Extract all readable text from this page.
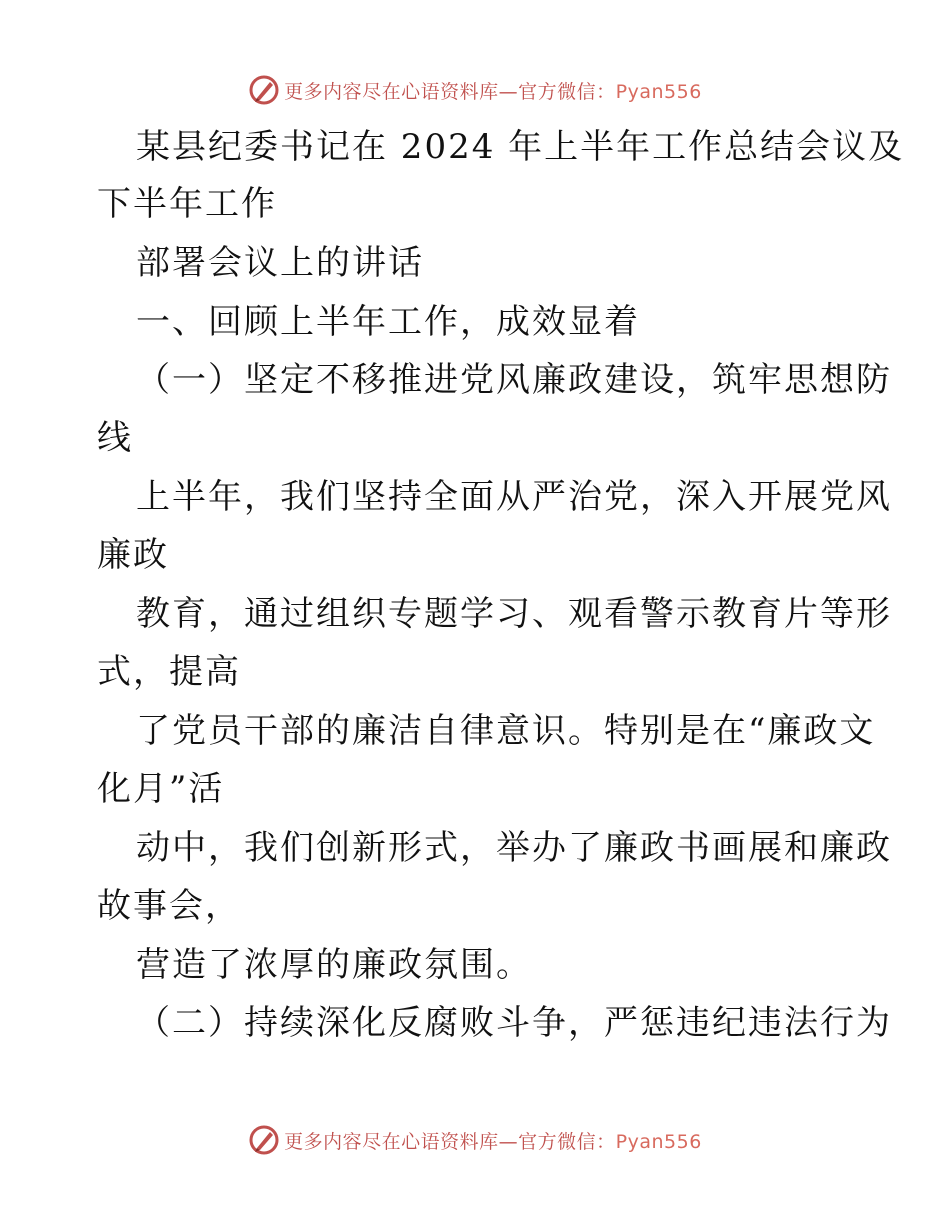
更多内容尽在心语资料库—官方微信：Pyan556
某县纪委书记在 2024 年上半年工作总结会议及
下半年工作
部署会议上的讲话
一、回顾上半年工作，成效显着
（一）坚定不移推进党风廉政建设，筑牢思想防
线
上半年，我们坚持全面从严治党，深入开展党风
廉政
教育，通过组织专题学习、观看警示教育片等形
式，提高
了党员干部的廉洁自律意识。特别是在“廉政文
化月”活
动中，我们创新形式，举办了廉政书画展和廉政
故事会，
营造了浓厚的廉政氛围。
（二）持续深化反腐败斗争，严惩违纪违法行为
更多内容尽在心语资料库—官方微信：Pyan556
